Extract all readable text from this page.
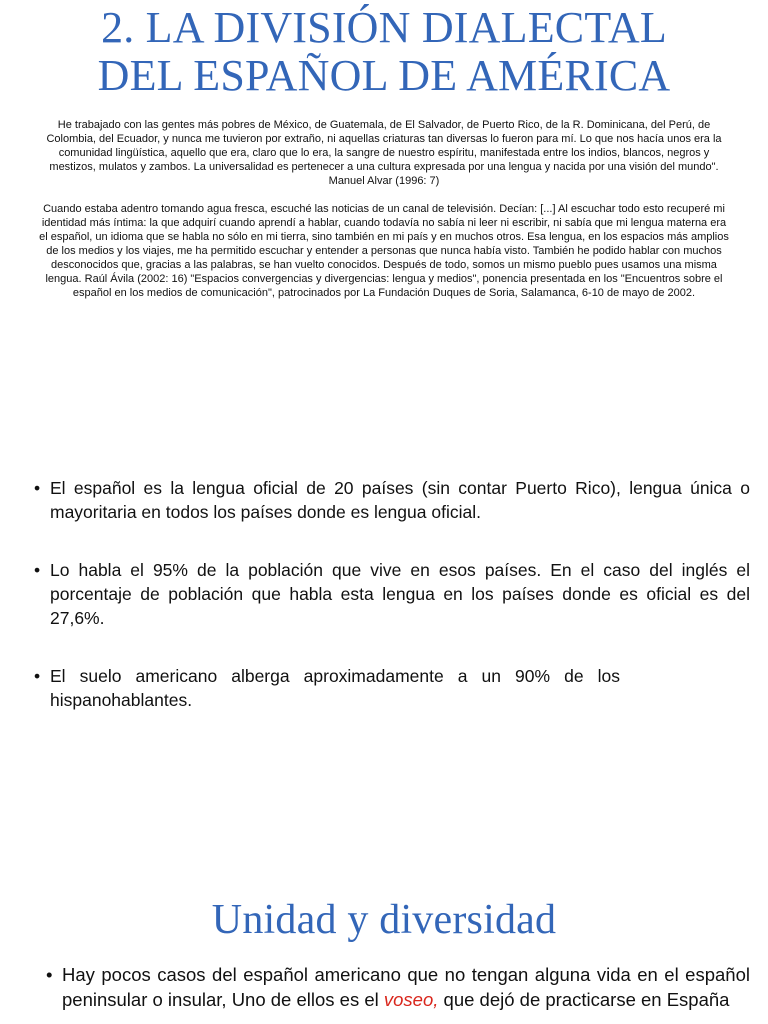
2. LA DIVISIÓN DIALECTAL
DEL ESPAÑOL DE AMÉRICA

He trabajado con las gentes más pobres de México, de Guatemala, de El Salvador, de Puerto Rico, de la R. Dominicana, del Perú, de Colombia, del Ecuador, y nunca me tuvieron por extraño, ni aquellas criaturas tan diversas lo fueron para mí. Lo que nos hacía unos era la comunidad lingüística, aquello que era, claro que lo era, la sangre de nuestro espíritu, manifestada entre los indios, blancos, negros y mestizos, mulatos y zambos. La universalidad es pertenecer a una cultura expresada por una lengua y nacida por una visión del mundo". Manuel Alvar (1996: 7)

Cuando estaba adentro tomando agua fresca, escuché las noticias de un canal de televisión. Decían: [...] Al escuchar todo esto recuperé mi identidad más íntima: la que adquirí cuando aprendí a hablar, cuando todavía no sabía ni leer ni escribir, ni sabía que mi lengua materna era el español, un idioma que se habla no sólo en mi tierra, sino también en mi país y en muchos otros. Esa lengua, en los espacios más amplios de los medios y los viajes, me ha permitido escuchar y entender a personas que nunca había visto. También he podido hablar con muchos desconocidos que, gracias a las palabras, se han vuelto conocidos. Después de todo, somos un mismo pueblo pues usamos una misma lengua. Raúl Ávila (2002: 16) "Espacios convergencias y divergencias: lengua y medios", ponencia presentada en los "Encuentros sobre el español en los medios de comunicación", patrocinados por La Fundación Duques de Soria, Salamanca, 6-10 de mayo de 2002.

• El español es la lengua oficial de 20 países (sin contar Puerto Rico), lengua única o mayoritaria en todos los países donde es lengua oficial.
• Lo habla el 95% de la población que vive en esos países. En el caso del inglés el porcentaje de población que habla esta lengua en los países donde es oficial es del 27,6%.
• El suelo americano alberga aproximadamente a un 90% de los hispanohablantes.
Unidad y diversidad
• Hay pocos casos del español americano que no tengan alguna vida en el español peninsular o insular, Uno de ellos es el voseo, que dejó de practicarse en España
